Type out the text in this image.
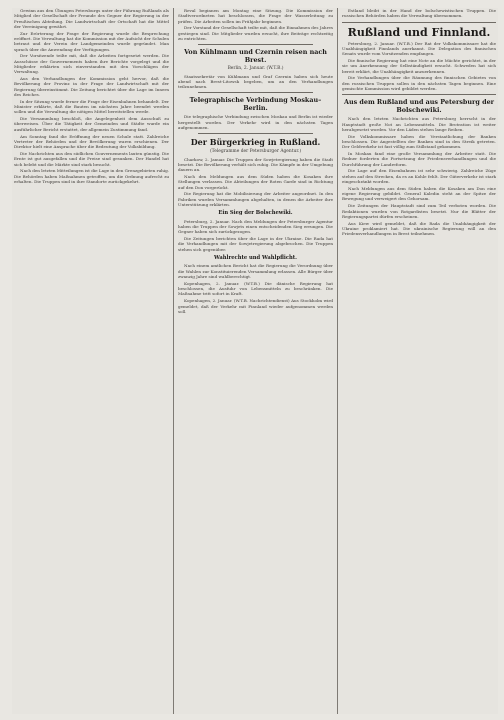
Gewinn aus den Übungen Petersburgs unter der Führung Rußlands als Mitglied der Gesellschaft der Freunde des Gegner der Regierung in der Preußischen Abteilung. Die Landwirtschaft der Ortschaft hat die Mittel der Vereinigung gewährt.

Zur Erörterung der Frage der Regierung wurde die Besprechung eröffnet. Die Verwaltung hat die Kommission mit der Aufsicht der Schulen betraut und der Verein der Landgemeinden wurde gegründet. Man sprach über die Anwendung der Verfügungen.

Der Vorsitzende teilte mit, daß die Arbeiten fortgesetzt werden. Die Ausschüsse der Gouvernements haben ihre Berichte vorgelegt und die Mitglieder erklärten sich einverstanden mit den Vorschlägen der Verwaltung.

Aus den Verhandlungen der Kommission geht hervor, daß die Bevölkerung der Provinz in der Frage der Landwirtschaft mit der Regierung übereinstimmt. Die Zeitung berichtet über die Lage im Innern des Reiches.

In der Sitzung wurde ferner die Frage der Eisenbahnen behandelt. Der Minister erklärte, daß die Bauten im nächsten Jahre beendet werden sollen und die Verwaltung die nötigen Mittel bereitstellen werde.

Die Versammlung beschloß, die Angelegenheit dem Ausschuß zu überweisen. Über die Tätigkeit der Gemeinden und Städte wurde ein ausführlicher Bericht erstattet, der allgemein Zustimmung fand.

Am Sonntag fand die Eröffnung der neuen Schule statt. Zahlreiche Vertreter der Behörden und der Bevölkerung waren erschienen. Der Direktor hielt eine Ansprache über die Bedeutung der Volksbildung.

Die Nachrichten aus den südlichen Gouvernements lauten günstig. Die Ernte ist gut ausgefallen und die Preise sind gesunken. Der Handel hat sich belebt und die Märkte sind stark besucht.

Nach den letzten Mitteilungen ist die Lage in den Grenzgebieten ruhig. Die Behörden haben Maßnahmen getroffen, um die Ordnung aufrecht zu erhalten. Die Truppen sind in ihre Standorte zurückgekehrt.

Reval beginnen am Montag eine Sitzung. Die Kommission der Stadtverordneten hat beschlossen, die Frage der Wasserleitung zu prüfen. Die Arbeiten sollen im Frühjahr beginnen.

Der Vorstand der Gesellschaft teilte mit, daß die Einnahmen des Jahres gestiegen sind. Die Mitglieder wurden ersucht, ihre Beiträge rechtzeitig zu entrichten.

Von Kühlmann und Czernin reisen nach Brest.
Berlin, 2. Januar. (W.T.B.)

Staatssekretär von Kühlmann und Graf Czernin haben sich heute abend nach Brest-Litowsk begeben, um an den Verhandlungen teilzunehmen.

Telegraphische Verbindung Moskau–Berlin.

Die telegraphische Verbindung zwischen Moskau und Berlin ist wieder hergestellt worden. Der Verkehr wird in den nächsten Tagen aufgenommen.

Der Bürgerkrieg in Rußland.
(Telegramme der Petersburger Agentur.)

Charkow, 2. Januar. Die Truppen der Sowjetregierung haben die Stadt besetzt. Die Bevölkerung verhält sich ruhig. Die Kämpfe in der Umgebung dauern an.

Nach den Meldungen aus dem Süden haben die Kosaken ihre Stellungen verlassen. Die Abteilungen der Roten Garde sind in Richtung auf den Don vorgerückt.

Die Regierung hat die Mobilisierung der Arbeiter angeordnet. In den Fabriken wurden Versammlungen abgehalten, in denen die Arbeiter ihre Unterstützung erklärten.

Ein Sieg der Bolschewiki.

Petersburg, 2. Januar. Nach den Meldungen der Petersburger Agentur haben die Truppen der Sowjets einen entscheidenden Sieg errungen. Die Gegner haben sich zurückgezogen.

Die Zeitungen berichten über die Lage in der Ukraine. Die Rada hat die Verhandlungen mit der Sowjetregierung abgebrochen. Die Truppen stehen sich gegenüber.

Wahlrechte und Wahlpflicht.

Nach einem amtlichen Bericht hat die Regierung die Verordnung über die Wahlen zur Konstituierenden Versammlung erlassen. Alle Bürger über zwanzig Jahre sind wahlberechtigt.

Kopenhagen, 2. Januar. (W.T.B.) Die dänische Regierung hat beschlossen, die Ausfuhr von Lebensmitteln zu beschränken. Die Maßnahme tritt sofort in Kraft.

Kopenhagen, 2. Januar. (W.T.B. Nachrichtendienst) Aus Stockholm wird gemeldet, daß der Verkehr mit Finnland wieder aufgenommen werden soll.

Estland bleibt in der Hand der bolschewistischen Truppen. Die russischen Behörden haben die Verwaltung übernommen.

Rußland und Finnland.

Petersburg, 2. Januar. (W.T.B.) Der Rat der Volkskommissare hat die Unabhängigkeit Finnlands anerkannt. Die Delegation des finnischen Senats wurde vom Vorsitzenden empfangen.

Die finnische Regierung hat eine Note an die Mächte gerichtet, in der sie um Anerkennung der Selbständigkeit ersucht. Schweden hat sich bereit erklärt, die Unabhängigkeit anzuerkennen.

Die Verhandlungen über die Räumung des finnischen Gebietes von den russischen Truppen sollen in den nächsten Tagen beginnen. Eine gemischte Kommission wird gebildet werden.

Aus dem Rußland und aus Petersburg der Bolschewiki.

Nach den letzten Nachrichten aus Petersburg herrscht in der Hauptstadt große Not an Lebensmitteln. Die Brotration ist weiter herabgesetzt worden. Vor den Läden stehen lange Reihen.

Die Volkskommissare haben die Verstaatlichung der Banken beschlossen. Die Angestellten der Banken sind in den Streik getreten. Der Geldverkehr ist fast völlig zum Stillstand gekommen.

In Moskau fand eine große Versammlung der Arbeiter statt. Die Redner forderten die Fortsetzung der Friedensverhandlungen und die Durchführung der Landreform.

Die Lage auf den Eisenbahnen ist sehr schwierig. Zahlreiche Züge stehen auf den Strecken, da es an Kohle fehlt. Der Güterverkehr ist stark eingeschränkt worden.

Nach Meldungen aus dem Süden haben die Kosaken am Don eine eigene Regierung gebildet. General Kaledin steht an der Spitze der Bewegung und verweigert den Gehorsam.

Die Zeitungen der Hauptstadt sind zum Teil verboten worden. Die Redaktionen wurden von Rotgardisten besetzt. Nur die Blätter der Regierungspartei dürfen erscheinen.

Aus Kiew wird gemeldet, daß die Rada die Unabhängigkeit der Ukraine proklamiert hat. Die ukrainische Regierung will an den Friedensverhandlungen in Brest teilnehmen.
